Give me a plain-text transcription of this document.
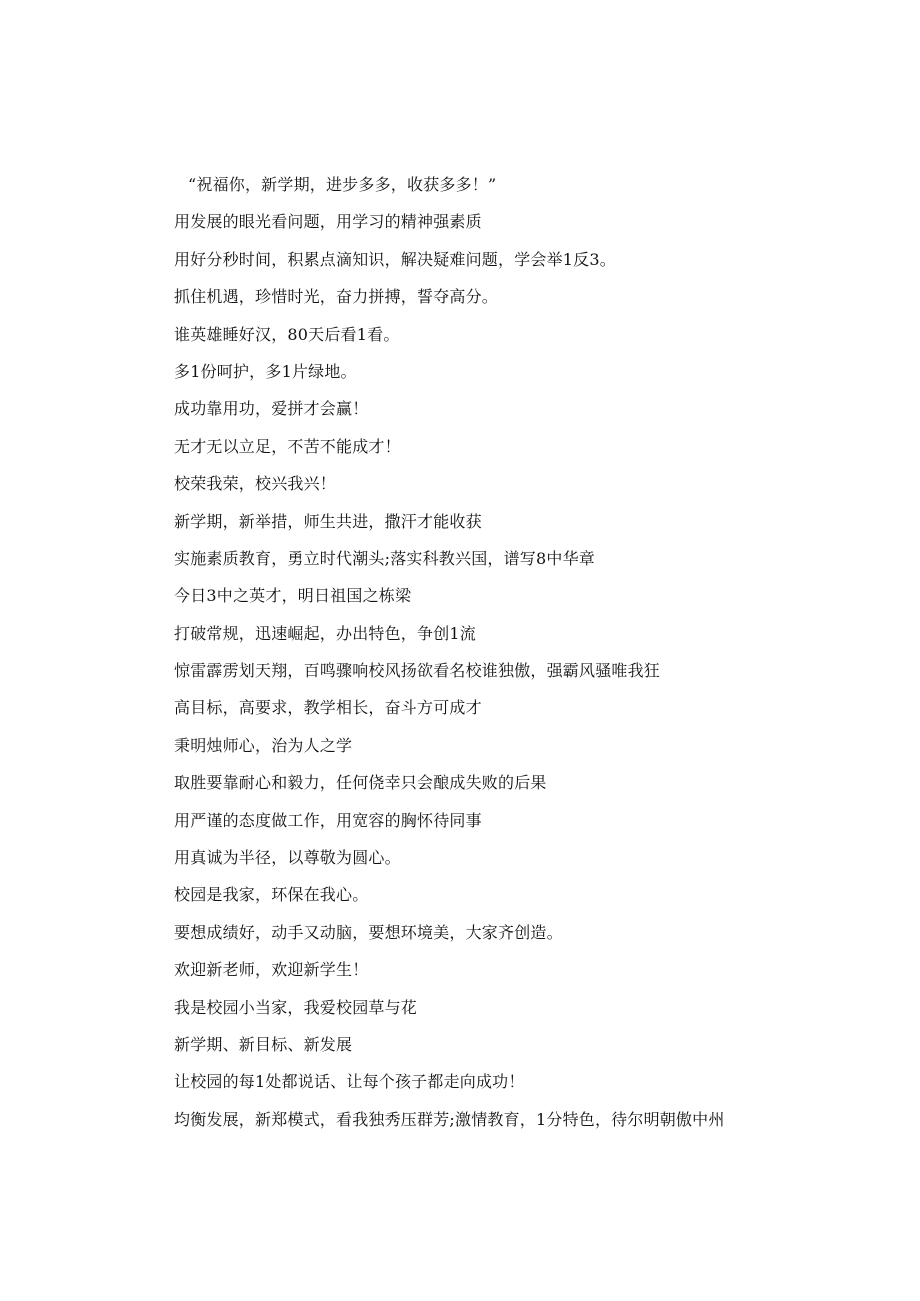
“祝福你，新学期，进步多多，收获多多！”
用发展的眼光看问题，用学习的精神强素质
用好分秒时间，积累点滴知识，解决疑难问题，学会举1反3。
抓住机遇，珍惜时光，奋力拼搏，誓夺高分。
谁英雄睡好汉，80天后看1看。
多1份呵护，多1片绿地。
成功靠用功，爱拼才会赢！
无才无以立足，不苦不能成才！
校荣我荣，校兴我兴！
新学期，新举措，师生共进，撒汗才能收获
实施素质教育，勇立时代潮头;落实科教兴国，谱写8中华章
今日3中之英才，明日祖国之栋梁
打破常规，迅速崛起，办出特色，争创1流
惊雷霹雳划天翔，百鸣骤响校风扬欲看名校谁独傲，强霸风骚唯我狂
高目标，高要求，教学相长，奋斗方可成才
秉明烛师心，治为人之学
取胜要靠耐心和毅力，任何侥幸只会酿成失败的后果
用严谨的态度做工作，用宽容的胸怀待同事
用真诚为半径，以尊敬为圆心。
校园是我家，环保在我心。
要想成绩好，动手又动脑，要想环境美，大家齐创造。
欢迎新老师，欢迎新学生！
我是校园小当家，我爱校园草与花
新学期、新目标、新发展
让校园的每1处都说话、让每个孩子都走向成功！
均衡发展，新郑模式，看我独秀压群芳;激情教育，1分特色，待尔明朝傲中州
